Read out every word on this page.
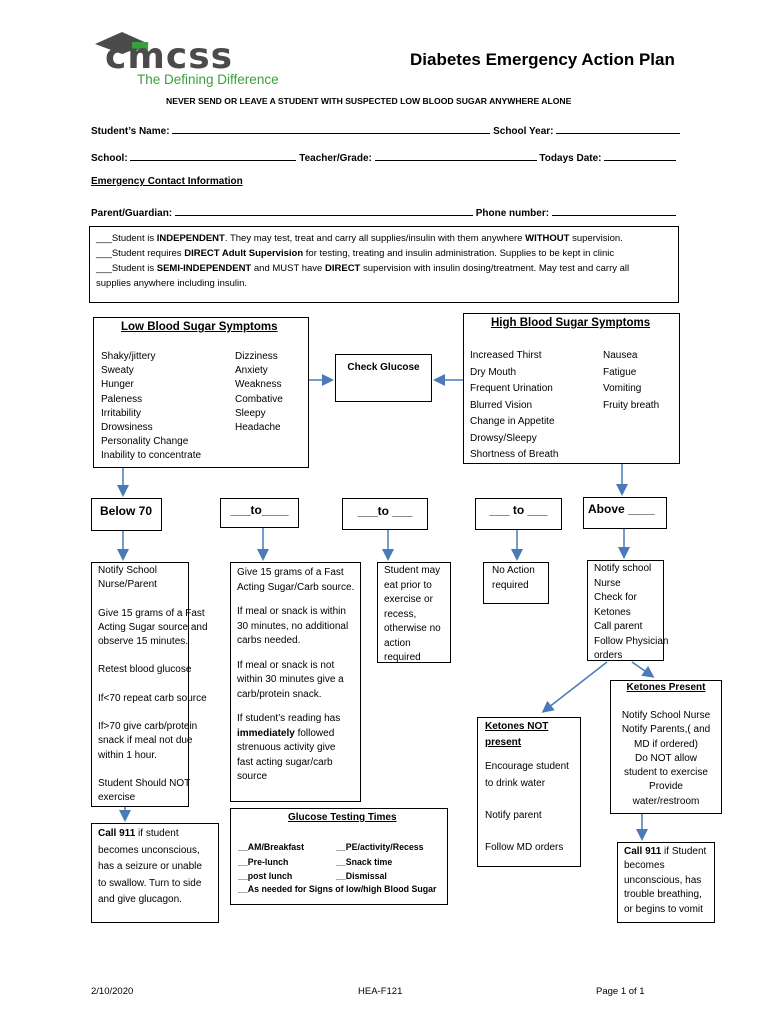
cmcss
The Defining Difference
Diabetes Emergency Action Plan
NEVER SEND OR LEAVE A STUDENT WITH SUSPECTED LOW BLOOD SUGAR ANYWHERE ALONE
Student’s Name:	School Year:
School:	Teacher/Grade:	Todays Date:
Emergency Contact Information
Parent/Guardian:	Phone number:
___Student is INDEPENDENT. They may test, treat and carry all supplies/insulin with them anywhere WITHOUT supervision.
___Student requires DIRECT Adult Supervision for testing, treating and insulin administration. Supplies to be kept in clinic
___Student is SEMI-INDEPENDENT and MUST have DIRECT supervision with insulin dosing/treatment. May test and carry all
supplies anywhere including insulin.
Low Blood Sugar Symptoms
Shaky/jittery
Sweaty
Hunger
Paleness
Irritability
Drowsiness
Personality Change
Inability to concentrate
Dizziness
Anxiety
Weakness
Combative
Sleepy
Headache
Check Glucose
High Blood Sugar Symptoms
Increased Thirst
Dry Mouth
Frequent Urination
Blurred Vision
Change in Appetite
Drowsy/Sleepy
Shortness of Breath
Nausea
Fatigue
Vomiting
Fruity breath
Below 70	___to____	___to ___	___ to ___	Above ____
Notify School
Nurse/Parent

Give 15 grams of a Fast
Acting Sugar source and
observe 15 minutes.

Retest blood glucose

If<70 repeat carb source

If>70 give carb/protein
snack if meal not due
within 1 hour.

Student Should NOT
exercise
Give 15 grams of a Fast
Acting Sugar/Carb source.
If meal or snack is within
30 minutes, no additional
carbs needed.
If meal or snack is not
within 30 minutes give a
carb/protein snack.
If student’s reading has
immediately followed
strenuous activity give
fast acting sugar/carb
source
Student may
eat prior to
exercise or
recess,
otherwise no
action
required
No Action
required
Notify school
Nurse
Check for
Ketones
Call parent
Follow Physician
orders
Call 911 if student
becomes unconscious,
has a seizure or unable
to swallow. Turn to side
and give glucagon.
Glucose Testing Times
__AM/Breakfast
__Pre-lunch
__post lunch
__PE/activity/Recess
__Snack time
__Dismissal
__As needed for Signs of low/high Blood Sugar
Ketones NOT
present
Encourage student
to drink water

Notify parent

Follow MD orders
Ketones Present
Notify School Nurse
Notify Parents,( and
MD if ordered)
Do NOT allow
student to exercise
Provide
water/restroom
Call 911 if Student
becomes
unconscious, has
trouble breathing,
or begins to vomit
2/10/2020	HEA-F121	Page 1 of 1
